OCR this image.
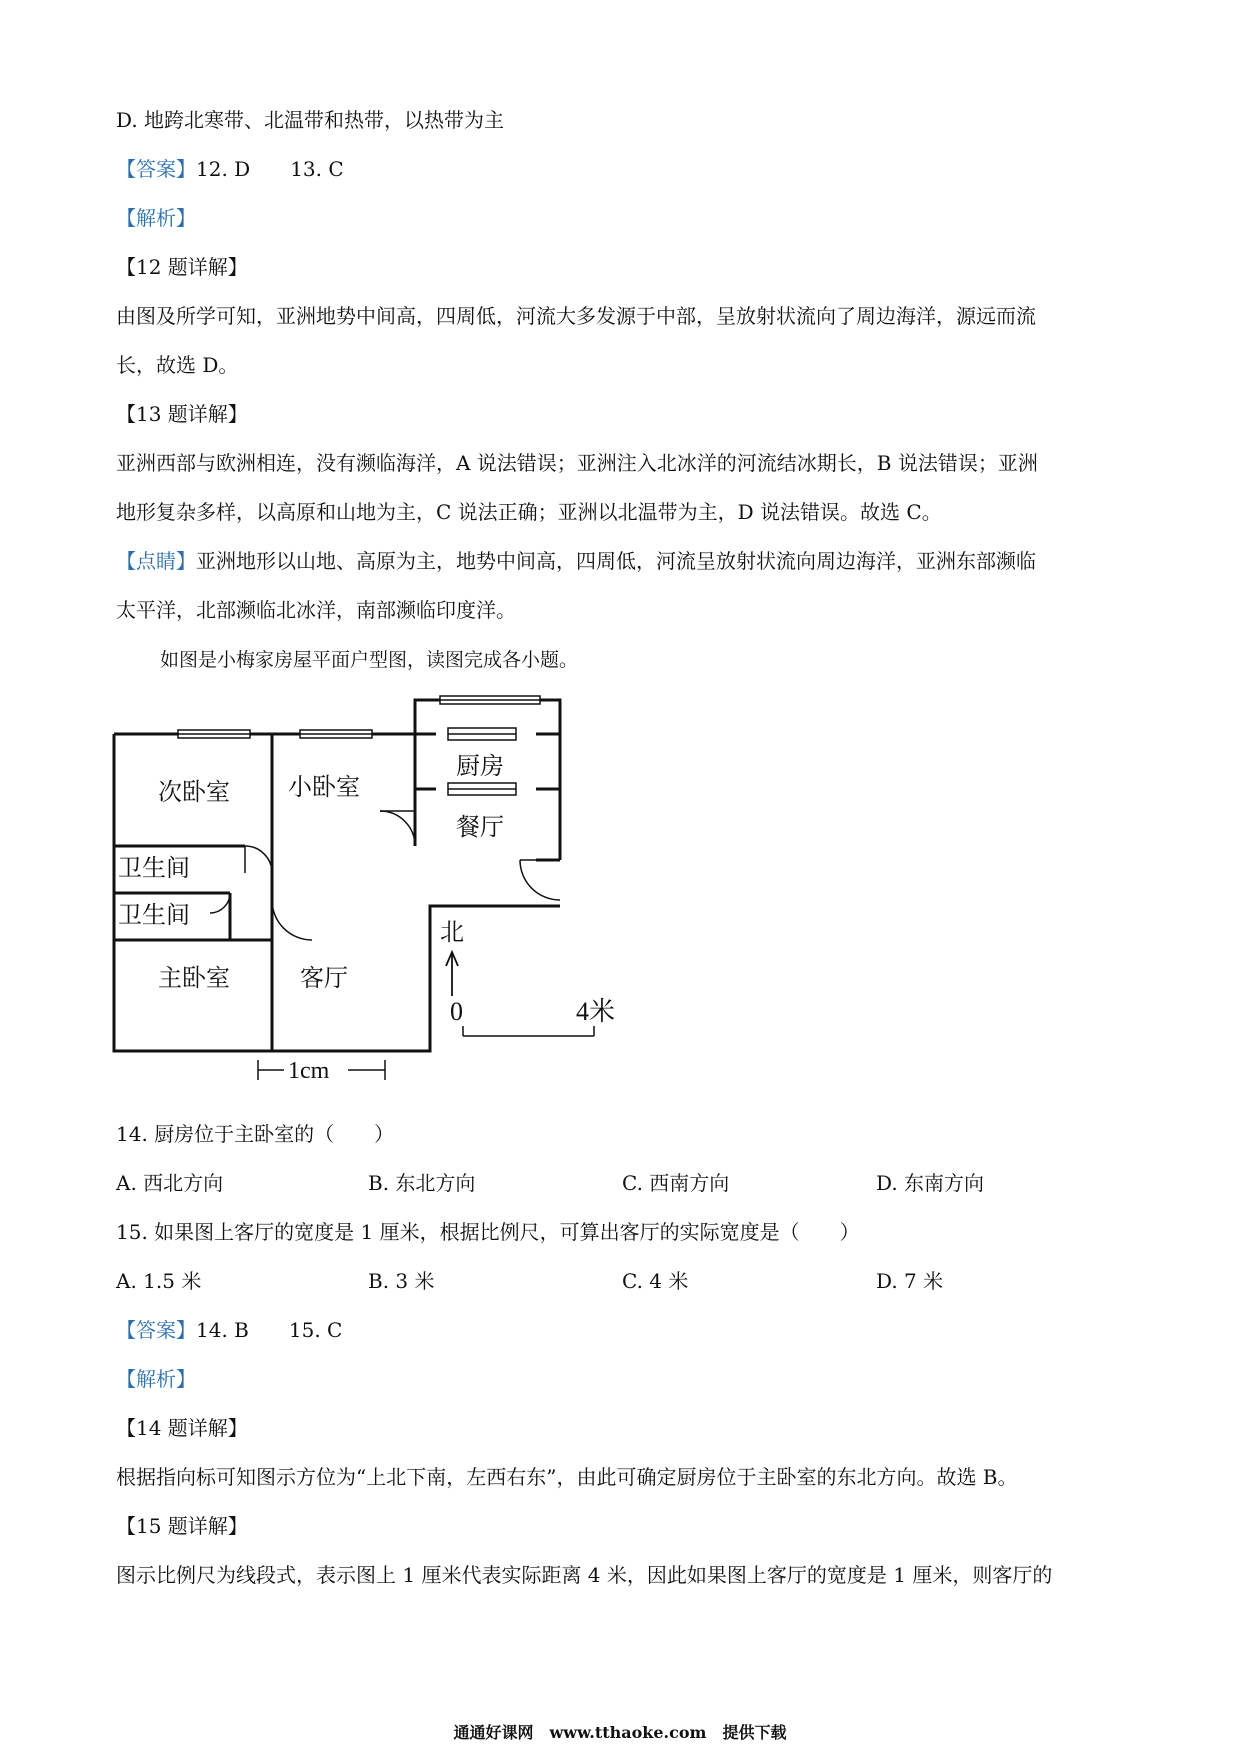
D. 地跨北寒带、北温带和热带，以热带为主
【答案】12. D 13. C
【解析】
【12 题详解】
由图及所学可知，亚洲地势中间高，四周低，河流大多发源于中部，呈放射状流向了周边海洋，源远而流
长，故选 D。
【13 题详解】
亚洲西部与欧洲相连，没有濒临海洋，A 说法错误；亚洲注入北冰洋的河流结冰期长，B 说法错误；亚洲
地形复杂多样，以高原和山地为主，C 说法正确；亚洲以北温带为主，D 说法错误。故选 C。
【点睛】亚洲地形以山地、高原为主，地势中间高，四周低，河流呈放射状流向周边海洋，亚洲东部濒临
太平洋，北部濒临北冰洋，南部濒临印度洋。
如图是小梅家房屋平面户型图，读图完成各小题。
次卧室 小卧室
厨房
餐厅
卫生间
卫生间
主卧室	客厅
北
0	4米
1cm
14. 厨房位于主卧室的（　　）
A. 西北方向	B. 东北方向	C. 西南方向	D. 东南方向
15. 如果图上客厅的宽度是 1 厘米，根据比例尺，可算出客厅的实际宽度是（　　）
A. 1.5 米	B. 3 米	C. 4 米	D. 7 米
【答案】14. B 15. C
【解析】
【14 题详解】
根据指向标可知图示方位为“上北下南，左西右东”，由此可确定厨房位于主卧室的东北方向。故选 B。
【15 题详解】
图示比例尺为线段式，表示图上 1 厘米代表实际距离 4 米，因此如果图上客厅的宽度是 1 厘米，则客厅的
通通好课网　www.tthaoke.com　提供下载
